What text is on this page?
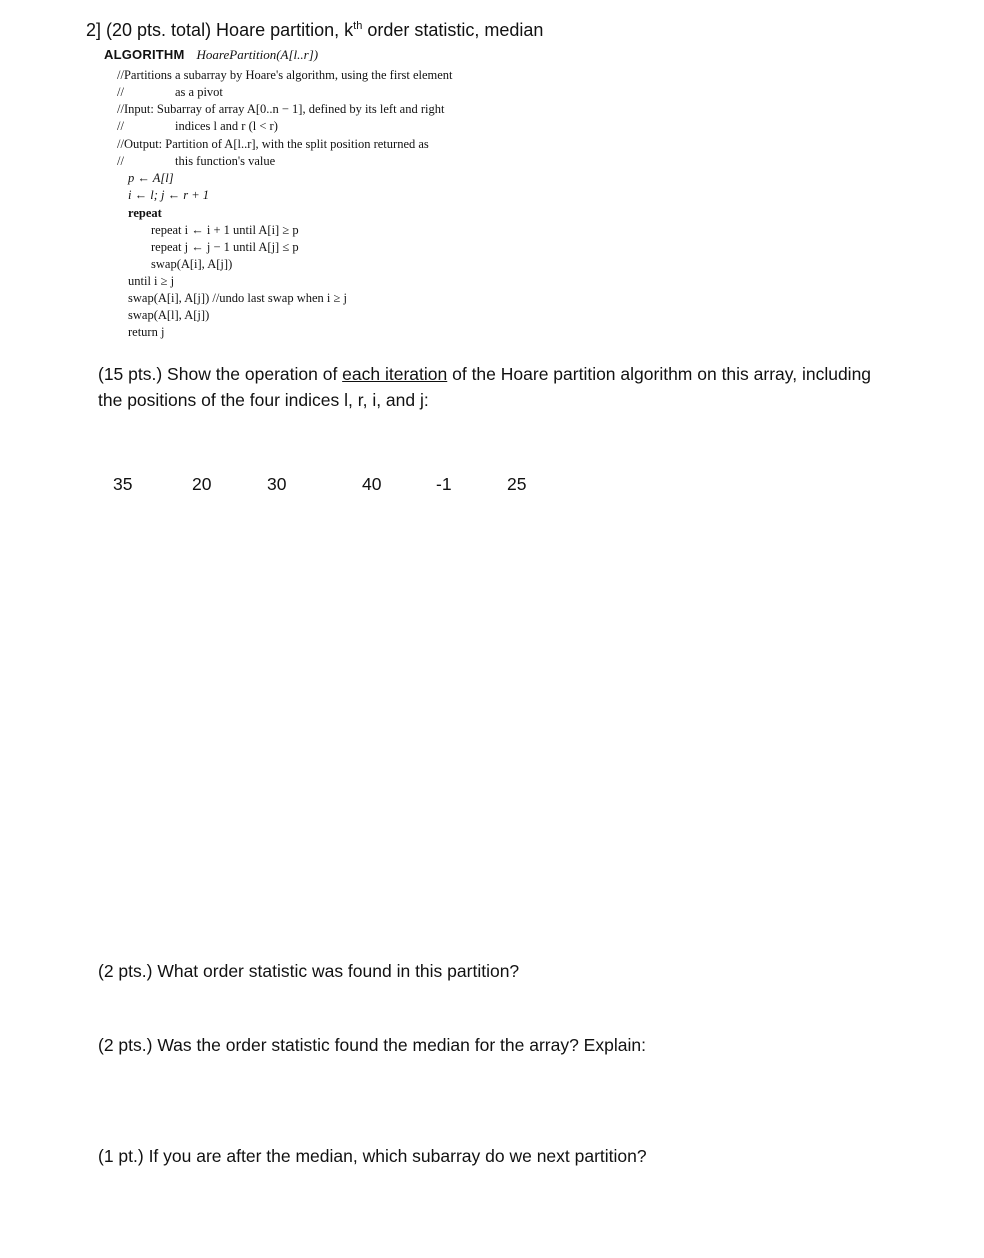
2] (20 pts. total) Hoare partition, $k^{th}$ order statistic, median
ALGORITHM HoarePartition(A[l..r])
//Partitions a subarray by Hoare's algorithm, using the first element
//	as a pivot
//Input: Subarray of array A[0..n − 1], defined by its left and right
//	indices l and r (l < r)
//Output: Partition of A[l..r], with the split position returned as
//	this function's value
p ← A[l]
i ← l; j ← r + 1
repeat
repeat i ← i + 1 until A[i] ≥ p
repeat j ← j − 1 until A[j] ≤ p
swap(A[i], A[j])
until i ≥ j
swap(A[i], A[j]) //undo last swap when i ≥ j
swap(A[l], A[j])
return j
(15 pts.) Show the operation of each iteration of the Hoare partition algorithm on this array, including
the positions of the four indices l, r, i, and j:
35	20	30	40	-1	25
(2 pts.) What order statistic was found in this partition?
(2 pts.) Was the order statistic found the median for the array? Explain:
(1 pt.) If you are after the median, which subarray do we next partition?
